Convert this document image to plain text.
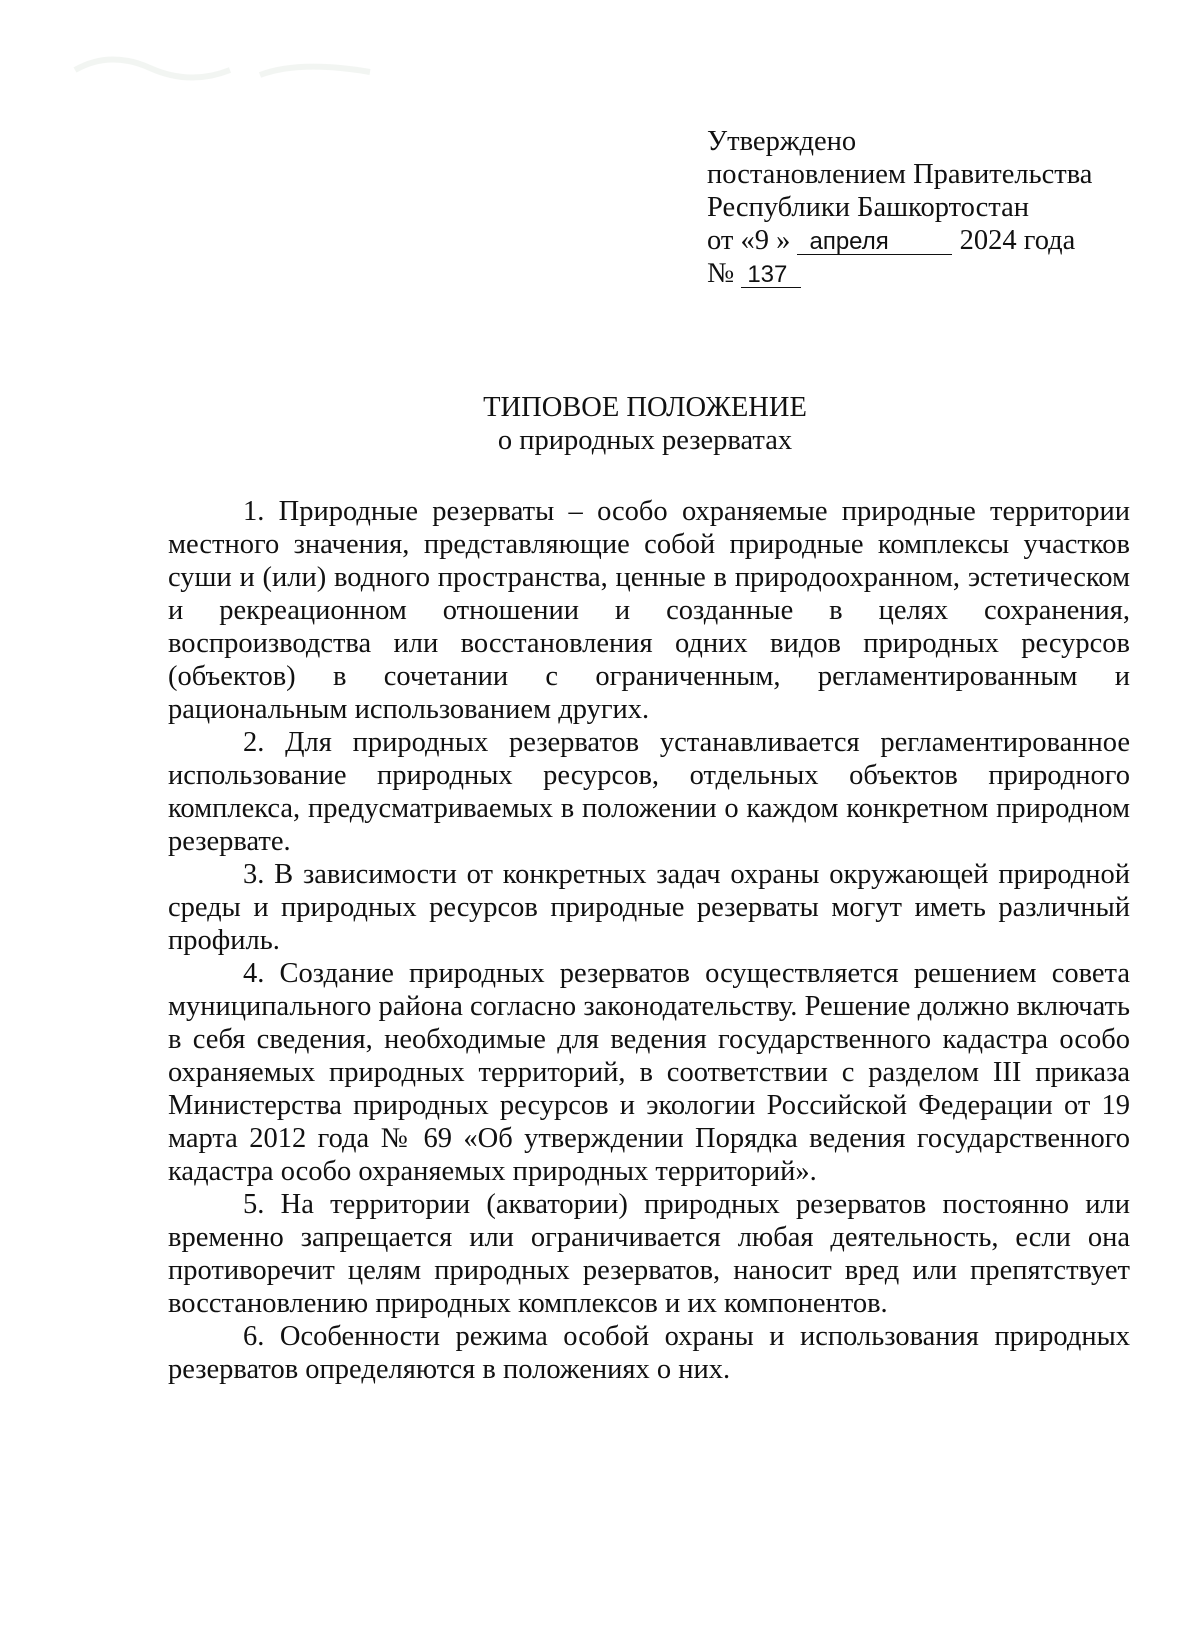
Утверждено
постановлением Правительства
Республики Башкортостан
от «9 » апреля 2024 года
№ 137
ТИПОВОЕ ПОЛОЖЕНИЕ
о природных резерватах

1. Природные резерваты – особо охраняемые природные территории местного значения, представляющие собой природные комплексы участков суши и (или) водного пространства, ценные в природоохранном, эстетическом и рекреационном отношении и созданные в целях сохранения, воспроизводства или восстановления одних видов природных ресурсов (объектов) в сочетании с ограниченным, регламентированным и рациональным использованием других.

2. Для природных резерватов устанавливается регламентированное использование природных ресурсов, отдельных объектов природного комплекса, предусматриваемых в положении о каждом конкретном природном резервате.

3. В зависимости от конкретных задач охраны окружающей природной среды и природных ресурсов природные резерваты могут иметь различный профиль.

4. Создание природных резерватов осуществляется решением совета муниципального района согласно законодательству. Решение должно включать в себя сведения, необходимые для ведения государственного кадастра особо охраняемых природных территорий, в соответствии с разделом III приказа Министерства природных ресурсов и экологии Российской Федерации от 19 марта 2012 года № 69 «Об утверждении Порядка ведения государственного кадастра особо охраняемых природных территорий».

5. На территории (акватории) природных резерватов постоянно или временно запрещается или ограничивается любая деятельность, если она противоречит целям природных резерватов, наносит вред или препятствует восстановлению природных комплексов и их компонентов.

6. Особенности режима особой охраны и использования природных резерватов определяются в положениях о них.
